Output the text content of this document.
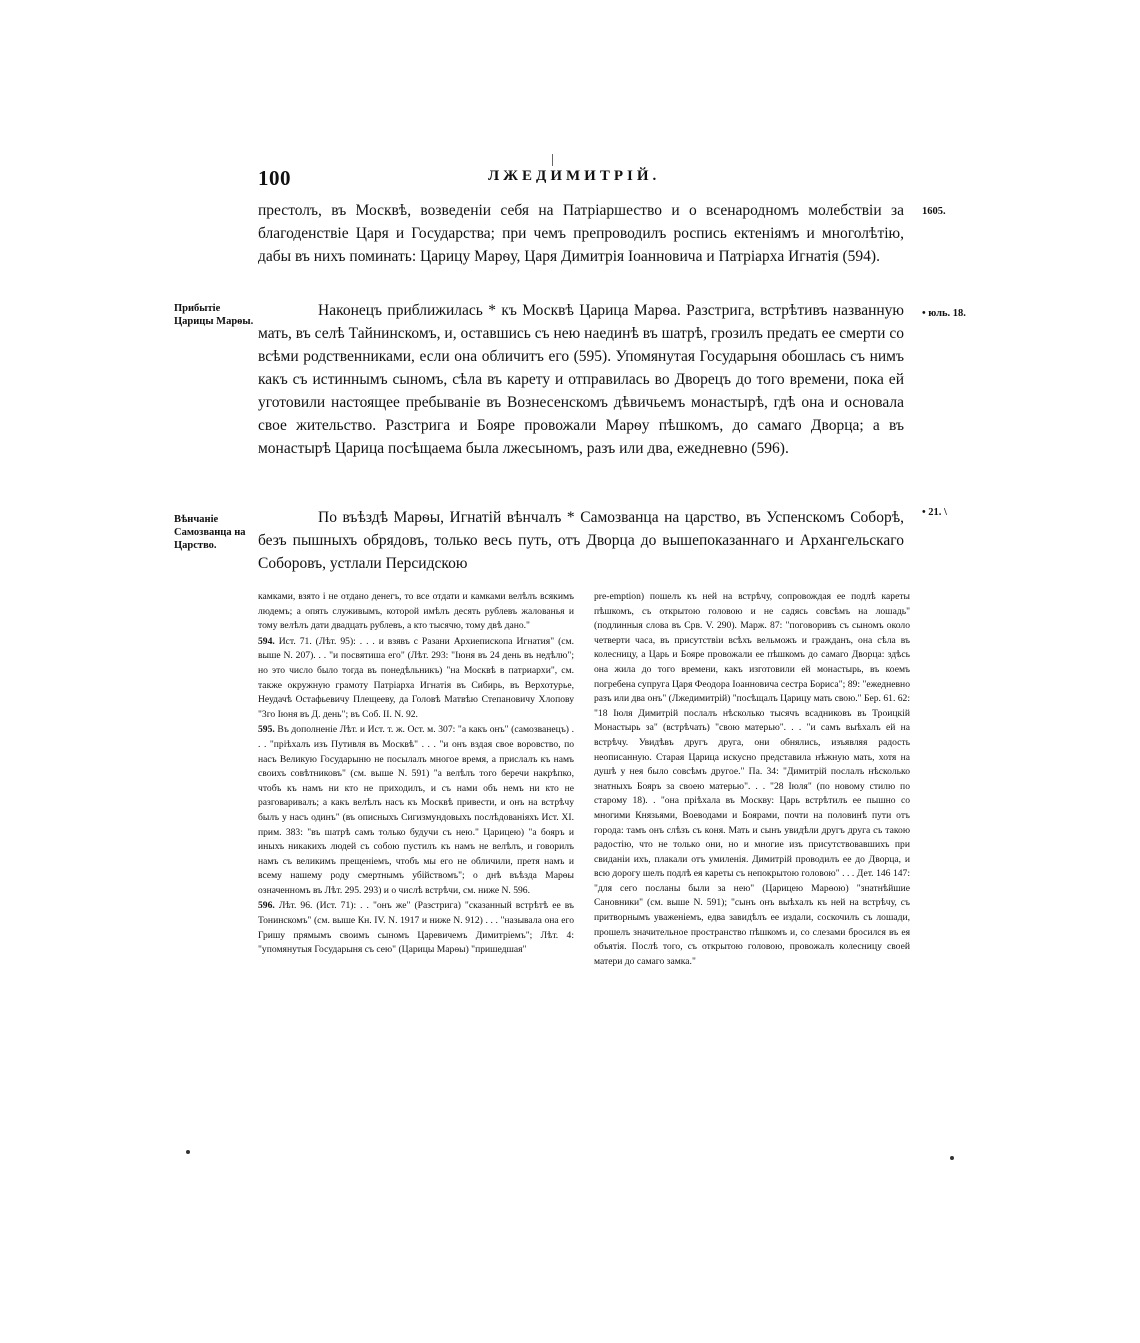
100	ЛЖЕДИМИТРІЙ.
престолъ, въ Москвѣ, возведеніи себя на Патріаршество и о всенародномъ молебствіи за благоденствіе Царя и Государства; при чемъ препроводилъ роспись ектеніямъ и многолѣтію, дабы въ нихъ поминать: Царицу Марѳу, Царя Димитрія Іоанновича и Патріарха Игнатія (594).
Наконецъ приближилась * къ Москвѣ Царица Марѳа. Разстрига, встрѣтивъ названную мать, въ селѣ Тайнинскомъ, и, оставшись съ нею наединѣ въ шатрѣ, грозилъ предать ее смерти со всѣми родственниками, если она обличитъ его (595). Упомянутая Государыня обошлась съ нимъ какъ съ истиннымъ сыномъ, сѣла въ карету и отправилась во Дворецъ до того времени, пока ей уготовили настоящее пребываніе въ Вознесенскомъ дѣвичьемъ монастырѣ, гдѣ она и основала свое жительство. Разстрига и Бояре провожали Марѳу пѣшкомъ, до самаго Дворца; а въ монастырѣ Царица посѣщаема была лжесыномъ, разъ или два, ежедневно (596).
По въѣздѣ Марѳы, Игнатій вѣнчалъ * Самозванца на царство, въ Успенскомъ Соборѣ, безъ пышныхъ обрядовъ, только весь путь, отъ Дворца до вышепоказаннаго и Архангельскаго Соборовъ, устлали Персидскою
1605.
Прибытіе Царицы Марѳы.
• юль. 18.
Вѣнчаніе Самозванца на Царство.
• 21. \

камками, взято і не отдано денегъ, то все отдати и камками велѣлъ всякимъ людемъ; а опять служивымъ, которой имѣлъ десять рублевъ жалованья и тому велѣлъ дати двадцать рублевъ, а кто тысячю, тому двѣ дано."

594. Ист. 71. (Лѣт. 95): . . . и взявъ с Разани Архиепископа Игнатия" (см. выше N. 207). . . "и посвятиша его" (Лѣт. 293: "Іюня въ 24 день въ недѣлю"; но это число было тогда въ понедѣльникъ) "на Москвѣ в патриархи", см. также окружную грамоту Патріарха Игнатія въ Сибирь, въ Верхотурье, Неудачѣ Остафьевичу Плещееву, да Головѣ Матвѣю Степановичу Хлопову "3го Іюня въ Д. день"; въ Соб. II. N. 92.

595. Въ дополненіе Лѣт. и Ист. т. ж. Ост. м. 307: "а какъ онъ" (самозванецъ) . . . "пріѣхалъ изъ Путивля въ Москвѣ" . . . "и онъ вздая свое воровство, по насъ Великую Государыню не посылалъ многое время, а прислалъ къ намъ своихъ совѣтниковъ" (см. выше N. 591) "а велѣлъ того беречи накрѣпко, чтобъ къ намъ ни кто не приходилъ, и съ нами объ немъ ни кто не разговаривалъ; а какъ велѣлъ насъ къ Москвѣ привести, и онъ на встрѣчу былъ у насъ одинъ" (въ описныхъ Сигизмундовыхъ послѣдованіяхъ Ист. XI. прим. 383: "въ шатрѣ самъ только будучи съ нею." Царицею) "а бояръ и иныхъ никакихъ людей съ собою пустилъ къ намъ не велѣлъ, и говорилъ намъ съ великимъ прещеніемъ, чтобъ мы его не обличили, претя намъ и всему нашему роду смертнымъ убійствомъ"; о днѣ въѣзда Марѳы означенномъ въ Лѣт. 295. 293) и о числѣ встрѣчи, см. ниже N. 596.

596. Лѣт. 96. (Ист. 71): . . "онъ же" (Разстрига) "сказанный встрѣтѣ ее въ Тонинскомъ" (см. выше Кн. IV. N. 1917 и ниже N. 912) . . . "называла она его Гришу прямымъ своимъ сыномъ Царевичемъ Димитріемъ"; Лѣт. 4: "упомянутыя Государыня съ сею" (Царицы Марѳы) "пришедшая"

pre-emption) пошелъ къ ней на встрѣчу, сопровождая ее подлѣ кареты пѣшкомъ, съ открытою головою и не садясь совсѣмъ на лошадь" (подлинныя слова въ Срв. V. 290). Марж. 87: "поговоривъ съ сыномъ около четверти часа, въ присутствіи всѣхъ вельможъ и гражданъ, она сѣла въ колесницу, а Царь и Бояре провожали ее пѣшкомъ до самаго Дворца: здѣсь она жила до того времени, какъ изготовили ей монастырь, въ коемъ погребена супруга Царя Феодора Іоанновича сестра Бориса"; 89: "ежедневно разъ или два онъ" (Лжедимитрій) "посѣщалъ Царицу мать свою." Бер. 61. 62: "18 Іюля Димитрій послалъ нѣсколько тысячъ всадниковъ въ Троицкій Монастырь за" (встрѣчать) "свою матерью". . . "и самъ выѣхалъ ей на встрѣчу. Увидѣвъ другъ друга, они обнялись, изъявляя радость неописанную. Старая Царица искусно представила нѣжную мать, хотя на душѣ у нея было совсѣмъ другое." Па. 34: "Димитрій послалъ нѣсколько знатныхъ Бояръ за своею матерью". . . "28 Іюля" (по новому стилю по старому 18). . "она пріѣхала въ Москву: Царь встрѣтилъ ее пышно со многими Князьями, Воеводами и Боярами, почти на половинѣ пути отъ города: тамъ онъ слѣзъ съ коня. Мать и сынъ увидѣли другъ друга съ такою радостію, что не только они, но и многие изъ присутствовавшихъ при свиданіи ихъ, плакали отъ умиленія. Димитрій проводилъ ее до Дворца, и всю дорогу шелъ подлѣ ея кареты съ непокрытою головою" . . . Дет. 146 147: "для сего посланы были за нею" (Царицею Марѳою) "знатнѣйшие Сановники" (см. выше N. 591); "сынъ онъ выѣхалъ къ ней на встрѣчу, съ притворнымъ уваженіемъ, едва завидѣлъ ее издали, соскочилъ съ лошади, прошелъ значительное пространство пѣшкомъ и, со слезами бросился въ ея объятія. Послѣ того, съ открытою головою, провожалъ колесницу своей матери до самаго замка."
